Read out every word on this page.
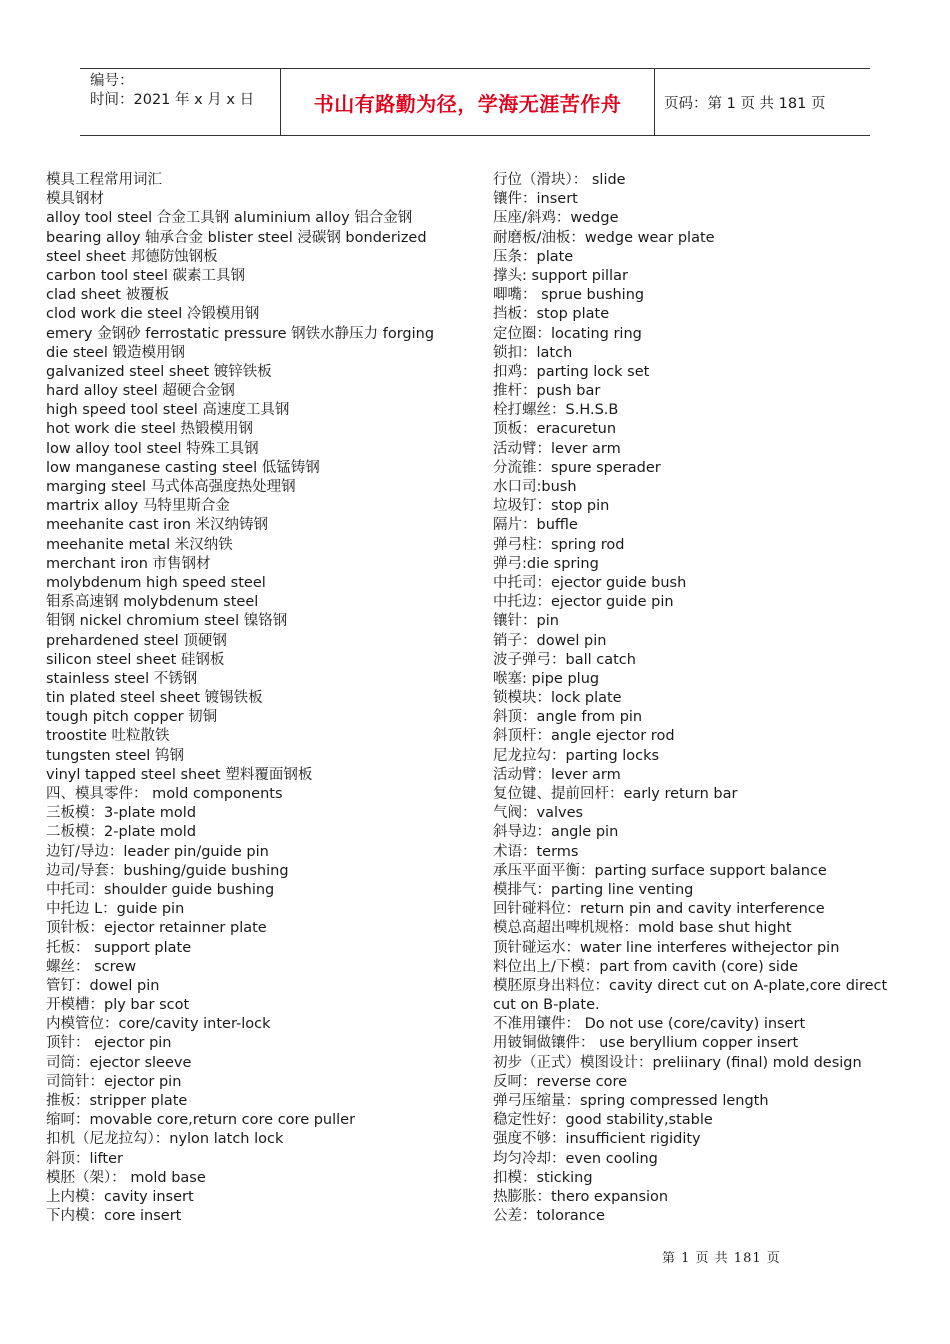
编号：
时间：2021 年 x 月 x 日	书山有路勤为径，学海无涯苦作舟	页码：第 1 页 共 181 页
模具工程常用词汇
模具钢材
alloy tool steel 合金工具钢 aluminium alloy 铝合金钢
bearing alloy 轴承合金 blister steel 浸碳钢 bonderized
steel sheet 邦德防蚀钢板
carbon tool steel 碳素工具钢
clad sheet 被覆板
clod work die steel 冷锻模用钢
emery 金钢砂 ferrostatic pressure 钢铁水静压力 forging
die steel 锻造模用钢
galvanized steel sheet 镀锌铁板
hard alloy steel 超硬合金钢
high speed tool steel 高速度工具钢
hot work die steel 热锻模用钢
low alloy tool steel 特殊工具钢
low manganese casting steel 低锰铸钢
marging steel 马式体高强度热处理钢
martrix alloy 马特里斯合金
meehanite cast iron 米汉纳铸钢
meehanite metal 米汉纳铁
merchant iron 市售钢材
molybdenum high speed steel
钼系高速钢 molybdenum steel
钼钢 nickel chromium steel 镍铬钢
prehardened steel 顶硬钢
silicon steel sheet 硅钢板
stainless steel 不锈钢
tin plated steel sheet 镀锡铁板
tough pitch copper 韧铜
troostite 吐粒散铁
tungsten steel 钨钢
vinyl tapped steel sheet 塑料覆面钢板
四、模具零件： mold components
三板模：3-plate mold
二板模：2-plate mold
边钉/导边：leader pin/guide pin
边司/导套：bushing/guide bushing
中托司：shoulder guide bushing
中托边 L：guide pin
顶针板：ejector retainner plate
托板： support plate
螺丝： screw
管钉：dowel pin
开模槽：ply bar scot
内模管位：core/cavity inter-lock
顶针： ejector pin
司筒：ejector sleeve
司筒针：ejector pin
推板：stripper plate
缩呵：movable core,return core core puller
扣机（尼龙拉勾）：nylon latch lock
斜顶：lifter
模胚（架）： mold base
上内模：cavity insert
下内模：core insert
行位（滑块）： slide
镶件：insert
压座/斜鸡：wedge
耐磨板/油板：wedge wear plate
压条：plate
撑头: support pillar
唧嘴： sprue bushing
挡板：stop plate
定位圈：locating ring
锁扣：latch
扣鸡：parting lock set
推杆：push bar
栓打螺丝：S.H.S.B
顶板：eracuretun
活动臂：lever arm
分流锥：spure sperader
水口司:bush
垃圾钉：stop pin
隔片：buffle
弹弓柱：spring rod
弹弓:die spring
中托司：ejector guide bush
中托边：ejector guide pin
镶针：pin
销子：dowel pin
波子弹弓：ball catch
喉塞: pipe plug
锁模块：lock plate
斜顶：angle from pin
斜顶杆：angle ejector rod
尼龙拉勾：parting locks
活动臂：lever arm
复位键、提前回杆：early return bar
气阀：valves
斜导边：angle pin
术语：terms
承压平面平衡：parting surface support balance
模排气：parting line venting
回针碰料位：return pin and cavity interference
模总高超出啤机规格：mold base shut hight
顶针碰运水：water line interferes withejector pin
料位出上/下模：part from cavith (core) side
模胚原身出料位：cavity direct cut on A-plate,core direct cut on B-plate.
不准用镶件： Do not use (core/cavity) insert
用铍铜做镶件： use beryllium copper insert
初步（正式）模图设计：preliinary (final) mold design
反呵：reverse core
弹弓压缩量：spring compressed length
稳定性好：good stability,stable
强度不够：insufficient rigidity
均匀冷却：even cooling
扣模：sticking
热膨胀：thero expansion
公差：tolorance
第 1 页 共 181 页
